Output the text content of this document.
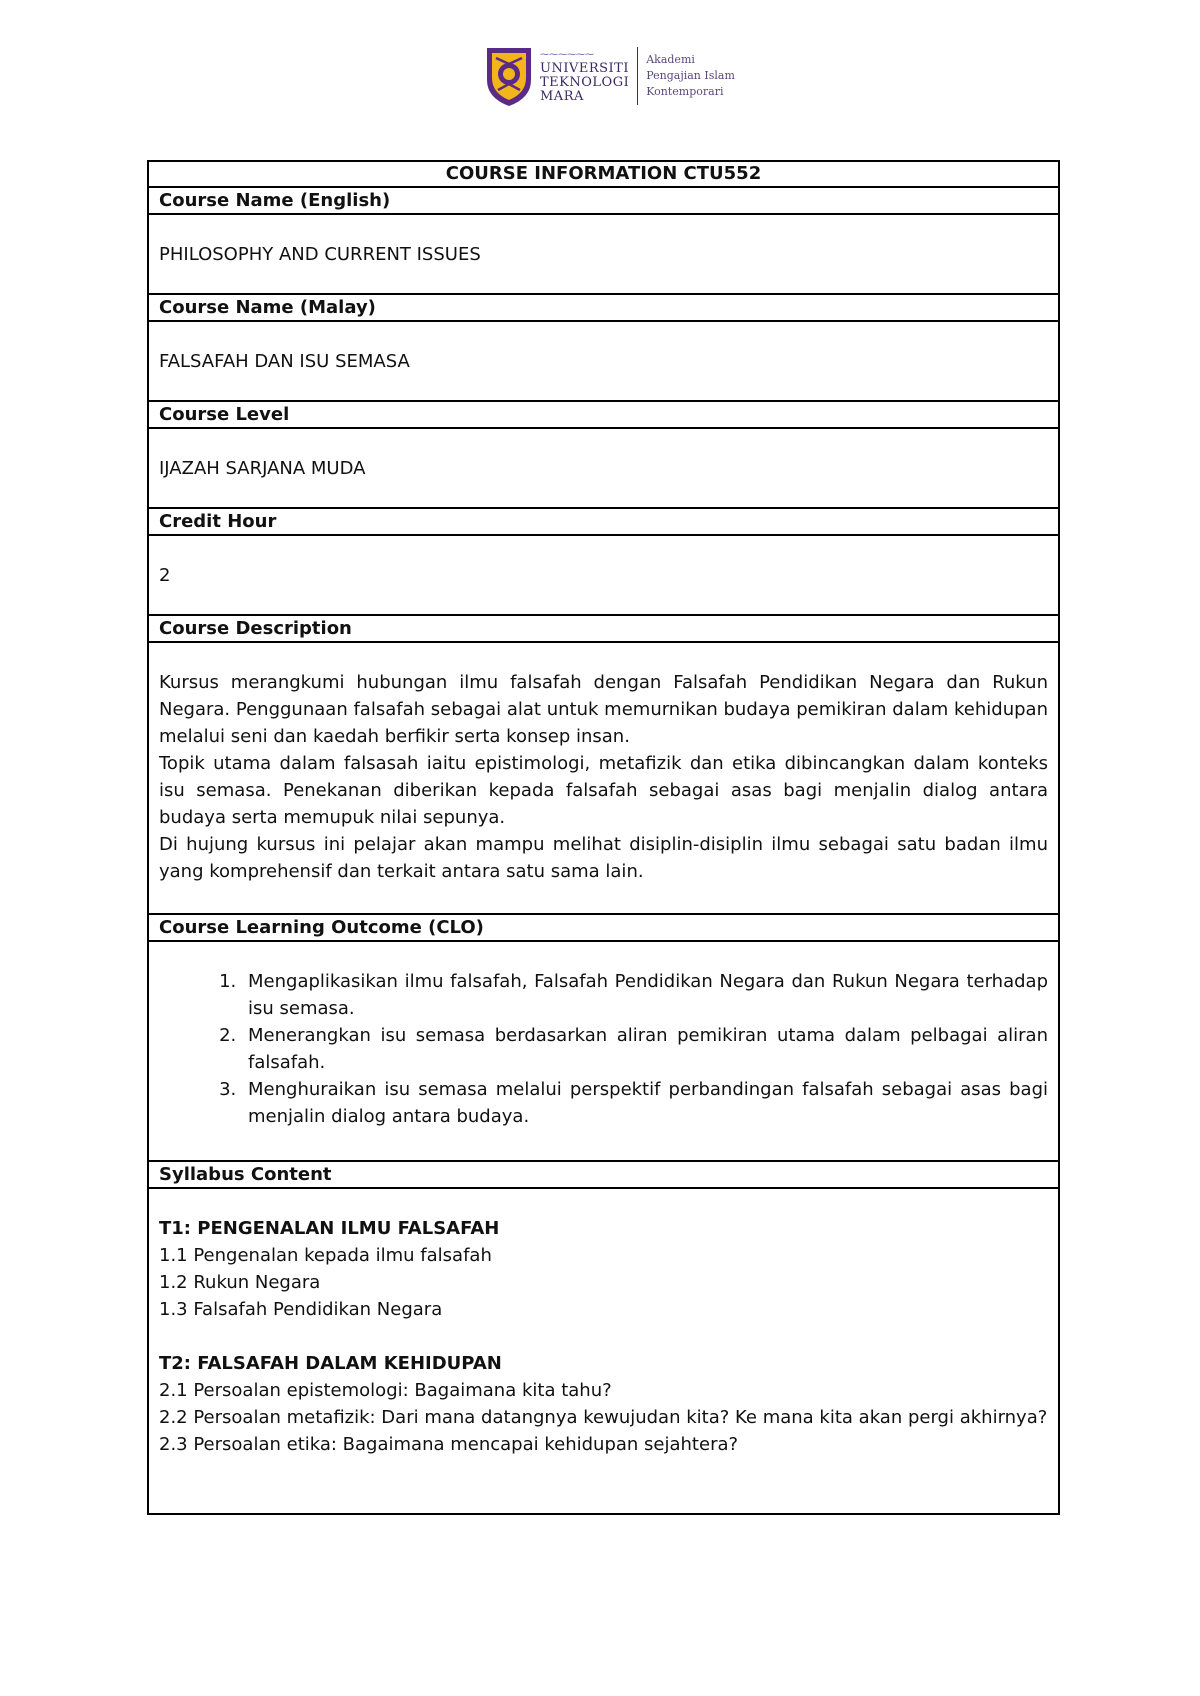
⁓⁓⁓⁓⁓⁓
UNIVERSITI
TEKNOLOGI
MARA
Akademi
Pengajian Islam
Kontemporari
COURSE INFORMATION CTU552
Course Name (English)
PHILOSOPHY AND CURRENT ISSUES
Course Name (Malay)
FALSAFAH DAN ISU SEMASA
Course Level
IJAZAH SARJANA MUDA
Credit Hour
2
Course Description

Kursus merangkumi hubungan ilmu falsafah dengan Falsafah Pendidikan Negara dan Rukun Negara. Penggunaan falsafah sebagai alat untuk memurnikan budaya pemikiran dalam kehidupan melalui seni dan kaedah berfikir serta konsep insan.

Topik utama dalam falsasah iaitu epistimologi, metafizik dan etika dibincangkan dalam konteks isu semasa. Penekanan diberikan kepada falsafah sebagai asas bagi menjalin dialog antara budaya serta memupuk nilai sepunya.

Di hujung kursus ini pelajar akan mampu melihat disiplin-disiplin ilmu sebagai satu badan ilmu yang komprehensif dan terkait antara satu sama lain.

Course Learning Outcome (CLO)

1. Mengaplikasikan ilmu falsafah, Falsafah Pendidikan Negara dan Rukun Negara terhadap isu semasa.
2. Menerangkan isu semasa berdasarkan aliran pemikiran utama dalam pelbagai aliran falsafah.
3. Menghuraikan isu semasa melalui perspektif perbandingan falsafah sebagai asas bagi menjalin dialog antara budaya.

Syllabus Content

T1: PENGENALAN ILMU FALSAFAH
1.1 Pengenalan kepada ilmu falsafah
1.2 Rukun Negara
1.3 Falsafah Pendidikan Negara
T2: FALSAFAH DALAM KEHIDUPAN
2.1 Persoalan epistemologi: Bagaimana kita tahu?
2.2 Persoalan metafizik: Dari mana datangnya kewujudan kita? Ke mana kita akan pergi akhirnya?
2.3 Persoalan etika: Bagaimana mencapai kehidupan sejahtera?
